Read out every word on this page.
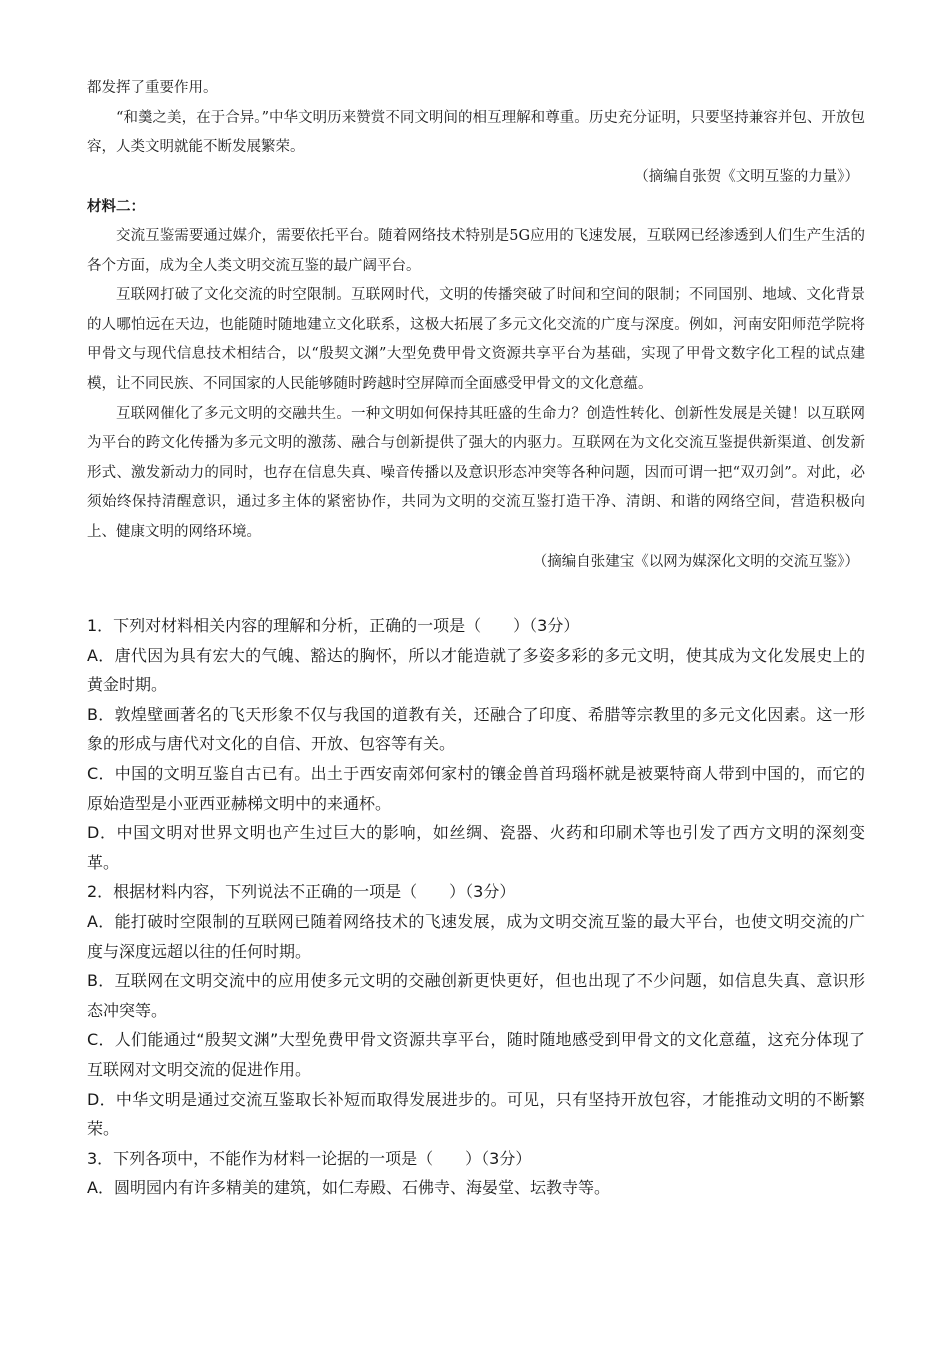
都发挥了重要作用。

“和羹之美，在于合异。”中华文明历来赞赏不同文明间的相互理解和尊重。历史充分证明，只要坚持兼容并包、开放包容，人类文明就能不断发展繁荣。

（摘编自张贺《文明互鉴的力量》）
材料二：

交流互鉴需要通过媒介，需要依托平台。随着网络技术特别是5G应用的飞速发展，互联网已经渗透到人们生产生活的各个方面，成为全人类文明交流互鉴的最广阔平台。

互联网打破了文化交流的时空限制。互联网时代，文明的传播突破了时间和空间的限制；不同国别、地域、文化背景的人哪怕远在天边，也能随时随地建立文化联系，这极大拓展了多元文化交流的广度与深度。例如，河南安阳师范学院将甲骨文与现代信息技术相结合，以“殷契文渊”大型免费甲骨文资源共享平台为基础，实现了甲骨文数字化工程的试点建模，让不同民族、不同国家的人民能够随时跨越时空屏障而全面感受甲骨文的文化意蕴。

互联网催化了多元文明的交融共生。一种文明如何保持其旺盛的生命力？创造性转化、创新性发展是关键！以互联网为平台的跨文化传播为多元文明的激荡、融合与创新提供了强大的内驱力。互联网在为文化交流互鉴提供新渠道、创发新形式、激发新动力的同时，也存在信息失真、噪音传播以及意识形态冲突等各种问题，因而可谓一把“双刃剑”。对此，必须始终保持清醒意识，通过多主体的紧密协作，共同为文明的交流互鉴打造干净、清朗、和谐的网络空间，营造积极向上、健康文明的网络环境。

（摘编自张建宝《以网为媒深化文明的交流互鉴》）

1．下列对材料相关内容的理解和分析，正确的一项是（　　）（3分）

A．唐代因为具有宏大的气魄、豁达的胸怀，所以才能造就了多姿多彩的多元文明，使其成为文化发展史上的黄金时期。

B．敦煌壁画著名的飞天形象不仅与我国的道教有关，还融合了印度、希腊等宗教里的多元文化因素。这一形象的形成与唐代对文化的自信、开放、包容等有关。

C．中国的文明互鉴自古已有。出土于西安南郊何家村的镶金兽首玛瑙杯就是被粟特商人带到中国的，而它的原始造型是小亚西亚赫梯文明中的来通杯。

D．中国文明对世界文明也产生过巨大的影响，如丝绸、瓷器、火药和印刷术等也引发了西方文明的深刻变革。

2．根据材料内容，下列说法不正确的一项是（　　）（3分）

A．能打破时空限制的互联网已随着网络技术的飞速发展，成为文明交流互鉴的最大平台，也使文明交流的广度与深度远超以往的任何时期。

B．互联网在文明交流中的应用使多元文明的交融创新更快更好，但也出现了不少问题，如信息失真、意识形态冲突等。

C．人们能通过“殷契文渊”大型免费甲骨文资源共享平台，随时随地感受到甲骨文的文化意蕴，这充分体现了互联网对文明交流的促进作用。

D．中华文明是通过交流互鉴取长补短而取得发展进步的。可见，只有坚持开放包容，才能推动文明的不断繁荣。

3．下列各项中，不能作为材料一论据的一项是（　　）（3分）

A．圆明园内有许多精美的建筑，如仁寿殿、石佛寺、海晏堂、坛教寺等。
